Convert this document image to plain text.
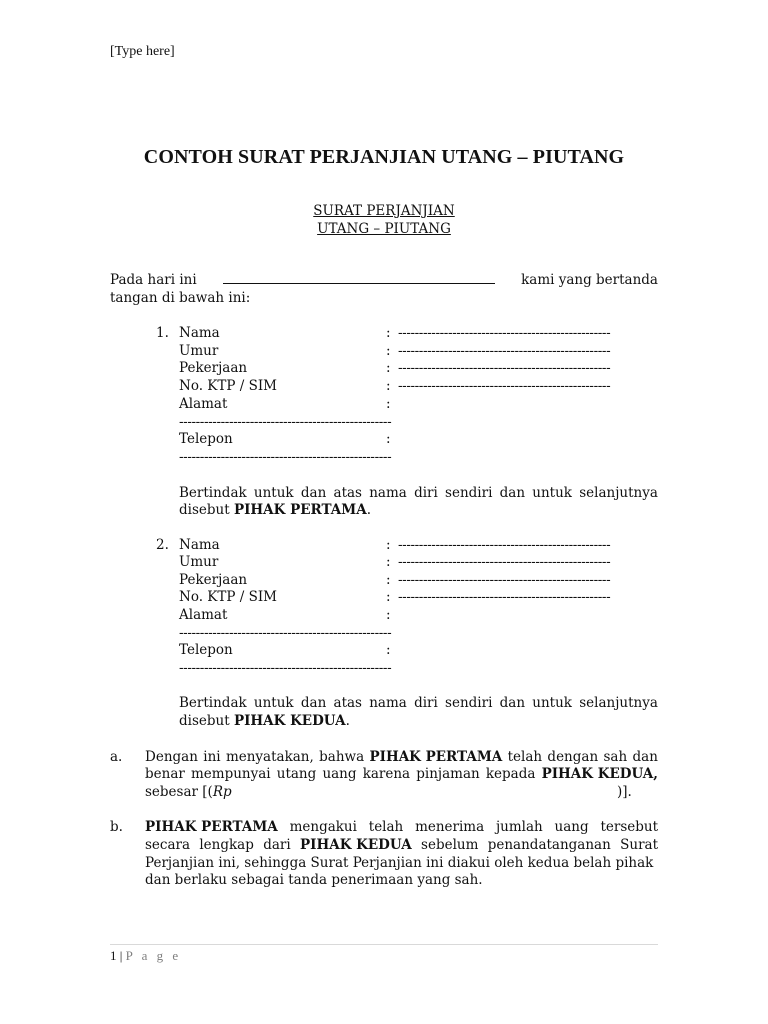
[Type here]
CONTOH SURAT PERJANJIAN UTANG – PIUTANG
SURAT PERJANJIAN
UTANG – PIUTANG
Pada hari ini	kami yang bertanda
tangan di bawah ini:
1. Nama	: ---------------------------------------------------
Umur	: ---------------------------------------------------
Pekerjaan	: ---------------------------------------------------
No. KTP / SIM	: ---------------------------------------------------
Alamat	:
---------------------------------------------------
Telepon	:
---------------------------------------------------
Bertindak untuk dan atas nama diri sendiri dan untuk selanjutnya
disebut PIHAK PERTAMA.
2. Nama	: ---------------------------------------------------
Umur	: ---------------------------------------------------
Pekerjaan	: ---------------------------------------------------
No. KTP / SIM	: ---------------------------------------------------
Alamat	:
---------------------------------------------------
Telepon	:
---------------------------------------------------
Bertindak untuk dan atas nama diri sendiri dan untuk selanjutnya
disebut PIHAK KEDUA.
a. Dengan ini menyatakan, bahwa PIHAK PERTAMA telah dengan sah dan
benar mempunyai utang uang karena pinjaman kepada PIHAK KEDUA,
sebesar [(Rp	)].
b. PIHAK PERTAMA mengakui telah menerima jumlah uang tersebut
secara lengkap dari PIHAK KEDUA sebelum penandatanganan Surat
Perjanjian ini, sehingga Surat Perjanjian ini diakui oleh kedua belah pihak
dan berlaku sebagai tanda penerimaan yang sah.
1 | P a g e
